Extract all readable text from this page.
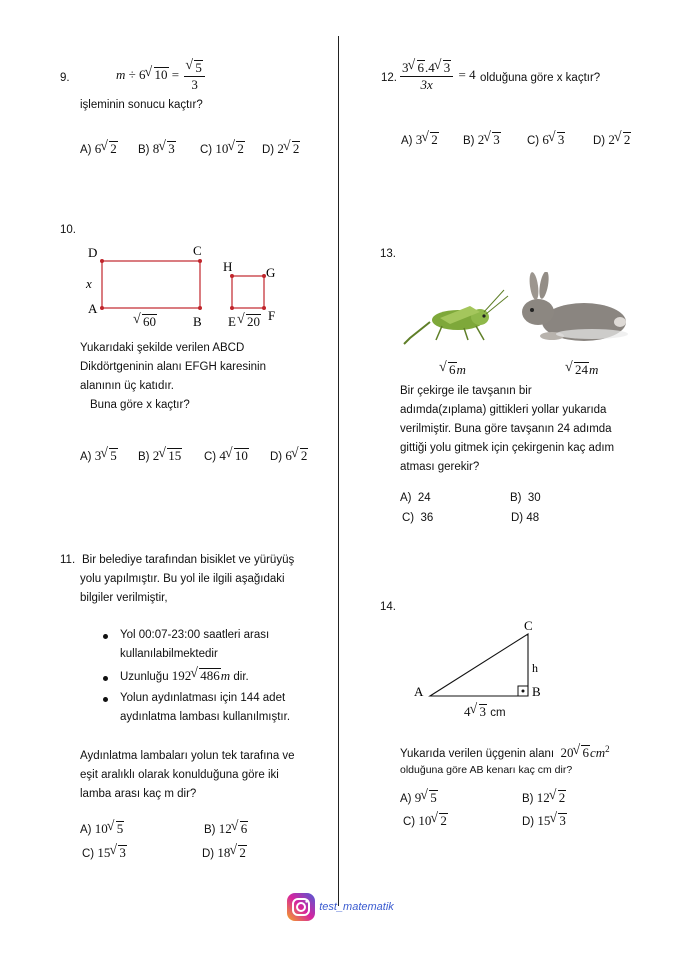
9.	m ÷ 6 √ 10 = √ $\frac{5}{3}$
işleminin sonucu kaçtır?
A) 6 √ 2 B) 8 √ 3 C) 10 √ 2 D) 2 √ 2
10.
D	C
A
B
x
H	G
E F
√ 60	√ 20
Yukarıdaki şekilde verilen ABCD
Dikdörtgeninin alanı EFGH karesinin
alanının üç katıdır.
Buna göre x kaçtır?
A) 3 √ 5 B) 2 √ 15 C) 4 √ 10 D) 6 √ 2
11. Bir belediye tarafından bisiklet ve yürüyüş
yolu yapılmıştır. Bu yol ile ilgili aşağıdaki
bilgiler verilmiştir,
Yol 00:07-23:00 saatleri arası
kullanılabilmektedir
Uzunluğu 192 √ 486m dir.
Yolun aydınlatması için 144 adet
aydınlatma lambası kullanılmıştır.
Aydınlatma lambaları yolun tek tarafına ve
eşit aralıklı olarak konulduğuna göre iki
lamba arası kaç m dir?
A) 10 √ 5	B) 12 √ 6
C) 15 √ 3	D) 18 √ 2
12. $\frac{3 √ 6.4 √ 3}{3x} = 4$ olduğuna göre x kaçtır?
A) 3 √ 2 B) 2 √ 3 C) 6 √ 3 D) 2 √ 2
13.
√ 6m	√ 24m
Bir çekirge ile tavşanın bir
adımda(zıplama) gittikleri yollar yukarıda
verilmiştir. Buna göre tavşanın 24 adımda
gittiği yolu gitmek için çekirgenin kaç adım
atması gerekir?
A) 24	B) 30
C) 36	D) 48
14.
A	B
C
h
4 √ 3 cm
Yukarıda verilen üçgenin alanı 20 √ $6cm^2$
olduğuna göre AB kenarı kaç cm dir?
A) 9 √ 5	B) 12 √ 2
C) 10 √ 2	D) 15 √ 3
test_matematik
